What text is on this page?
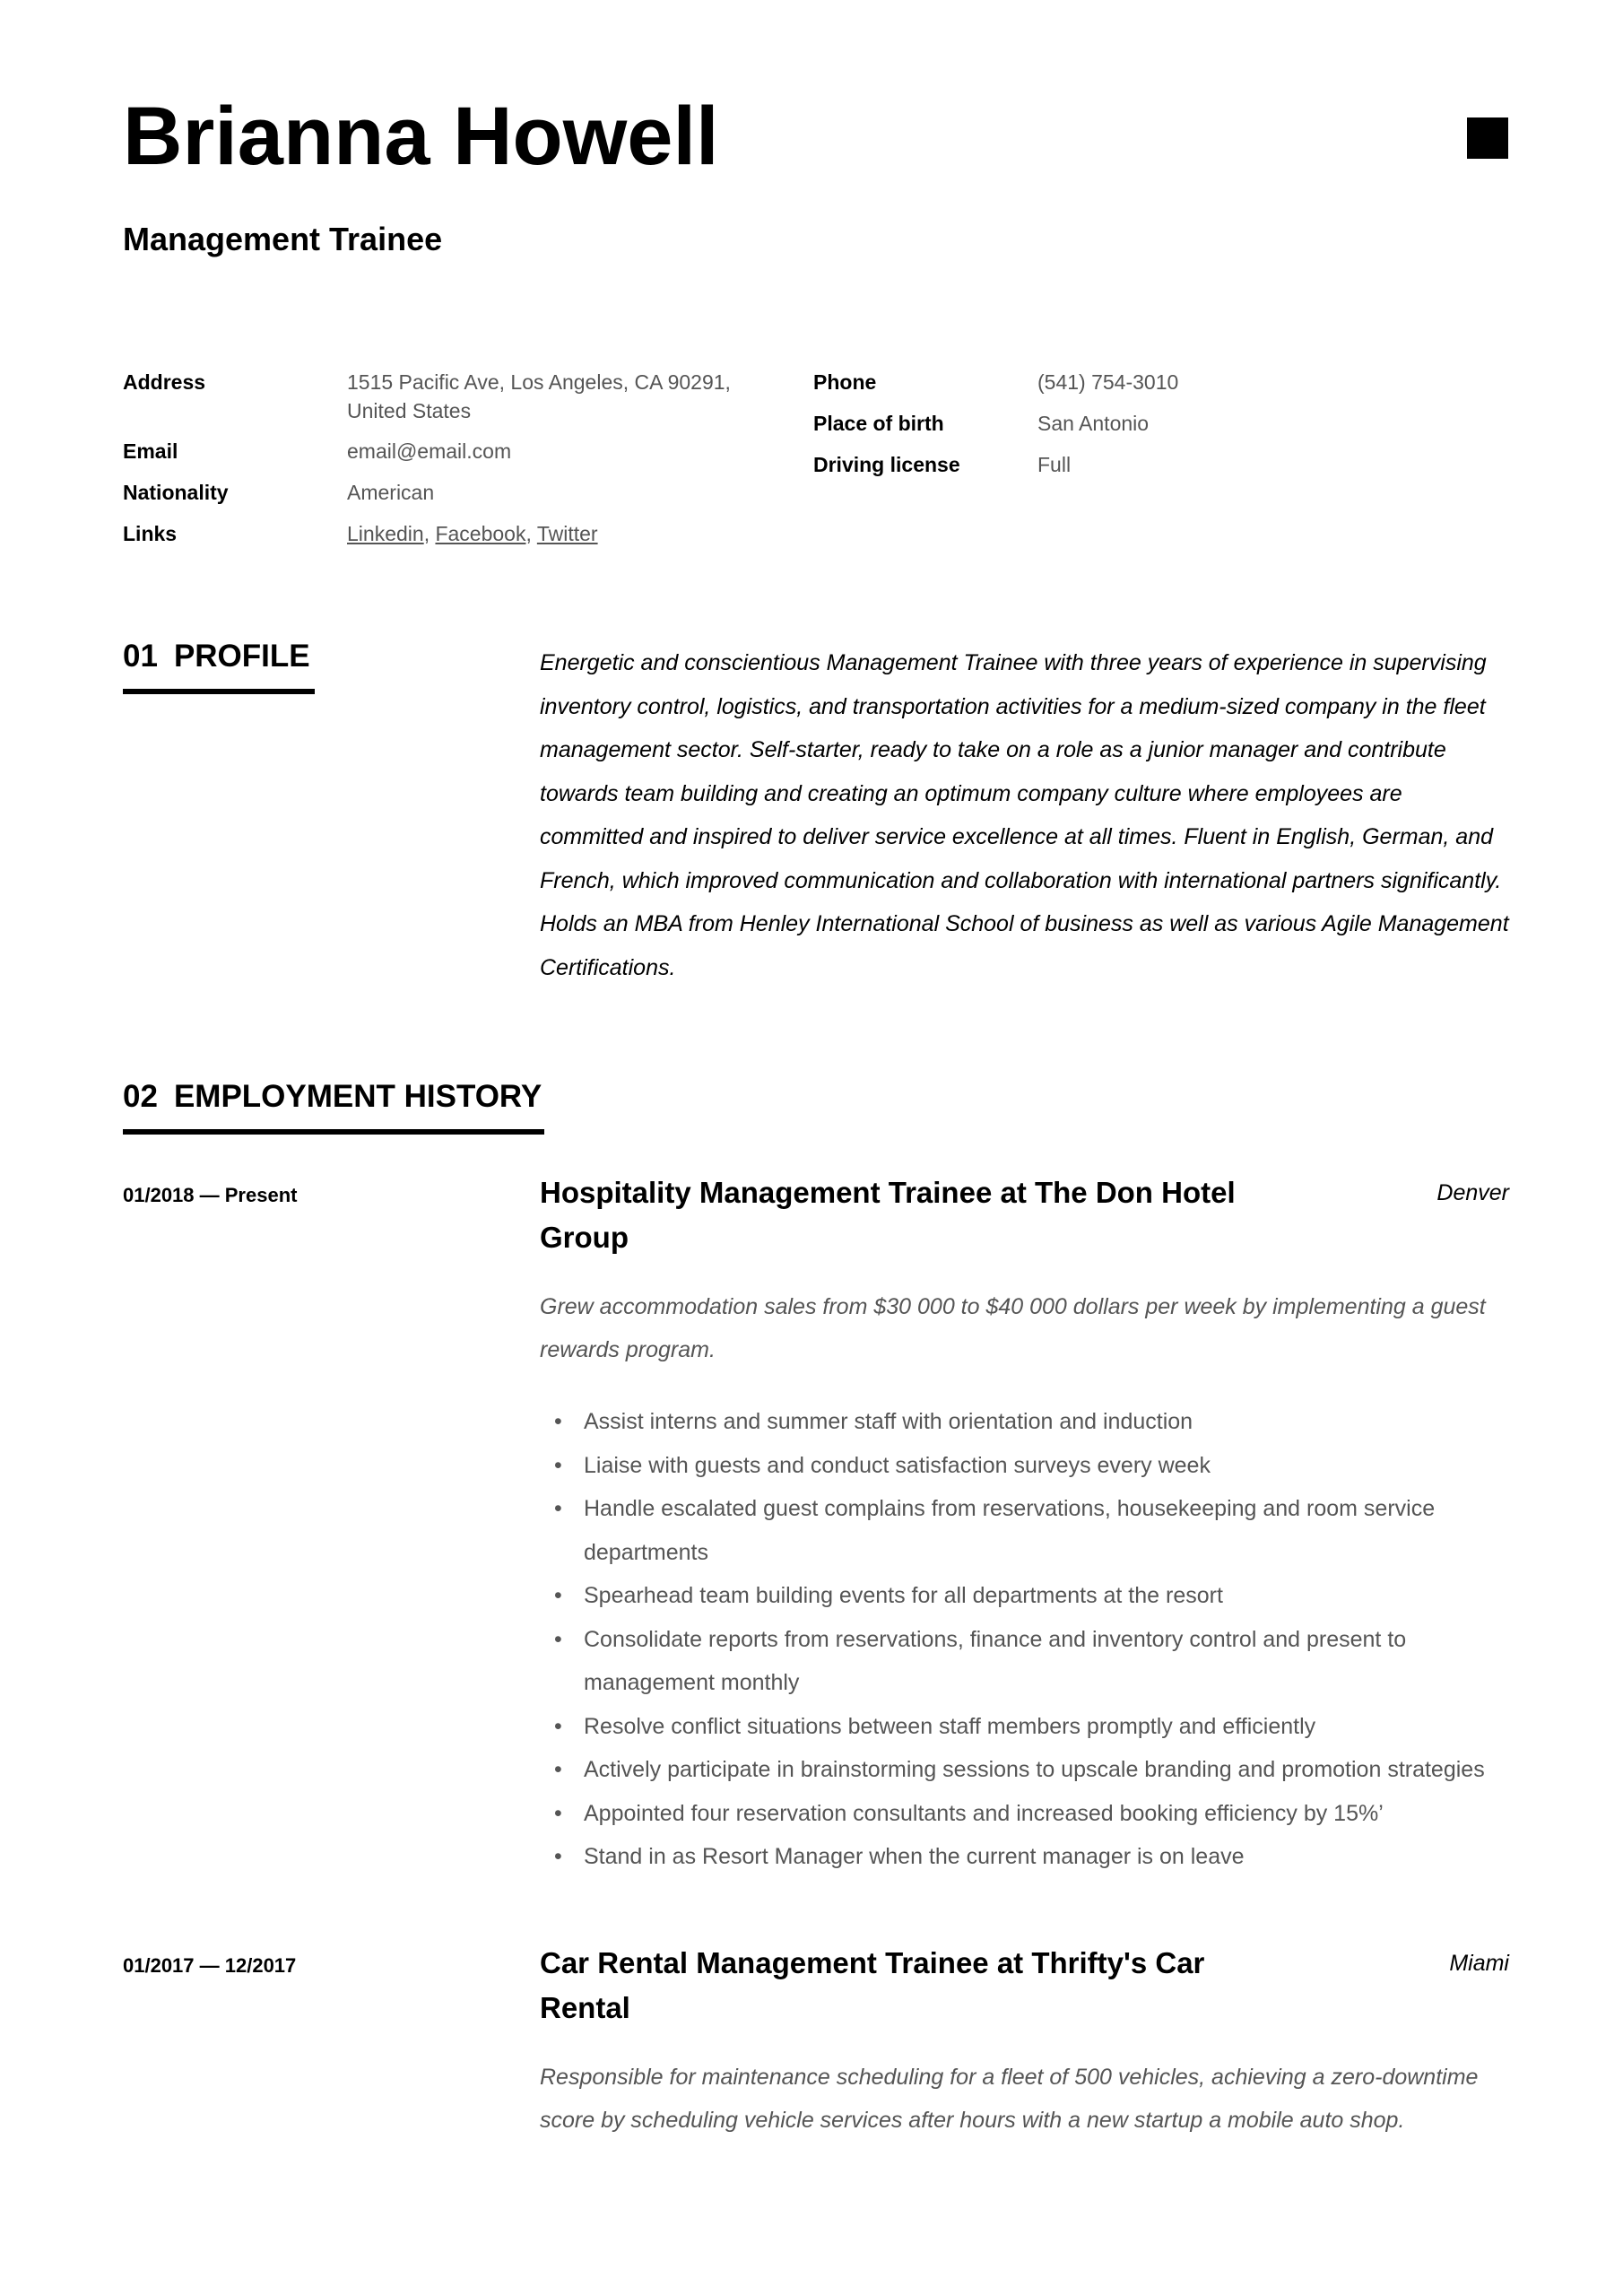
Brianna Howell
Management Trainee
Address	1515 Pacific Ave, Los Angeles, CA 90291, United States
Email	email@email.com
Nationality	American
Links	Linkedin, Facebook, Twitter
Phone	(541) 754-3010
Place of birth	San Antonio
Driving license	Full
01 PROFILE	Energetic and conscientious Management Trainee with three years of experience in supervising inventory control, logistics, and transportation activities for a medium-sized company in the fleet management sector. Self-starter, ready to take on a role as a junior manager and contribute towards team building and creating an optimum company culture where employees are committed and inspired to deliver service excellence at all times. Fluent in English, German, and French, which improved communication and collaboration with international partners significantly. Holds an MBA from Henley International School of business as well as various Agile Management Certifications.

02 EMPLOYMENT HISTORY
01/2018 — Present	Hospitality Management Trainee at The Don Hotel Group
Denver

Grew accommodation sales from $30 000 to $40 000 dollars per week by implementing a guest rewards program.

• Assist interns and summer staff with orientation and induction
• Liaise with guests and conduct satisfaction surveys every week
• Handle escalated guest complains from reservations, housekeeping and room service departments
• Spearhead team building events for all departments at the resort
• Consolidate reports from reservations, finance and inventory control and present to management monthly
• Resolve conflict situations between staff members promptly and efficiently
• Actively participate in brainstorming sessions to upscale branding and promotion strategies
• Appointed four reservation consultants and increased booking efficiency by 15%’
• Stand in as Resort Manager when the current manager is on leave
01/2017 — 12/2017	Car Rental Management Trainee at Thrifty's Car Rental
Miami

Responsible for maintenance scheduling for a fleet of 500 vehicles, achieving a zero-downtime score by scheduling vehicle services after hours with a new startup a mobile auto shop.
